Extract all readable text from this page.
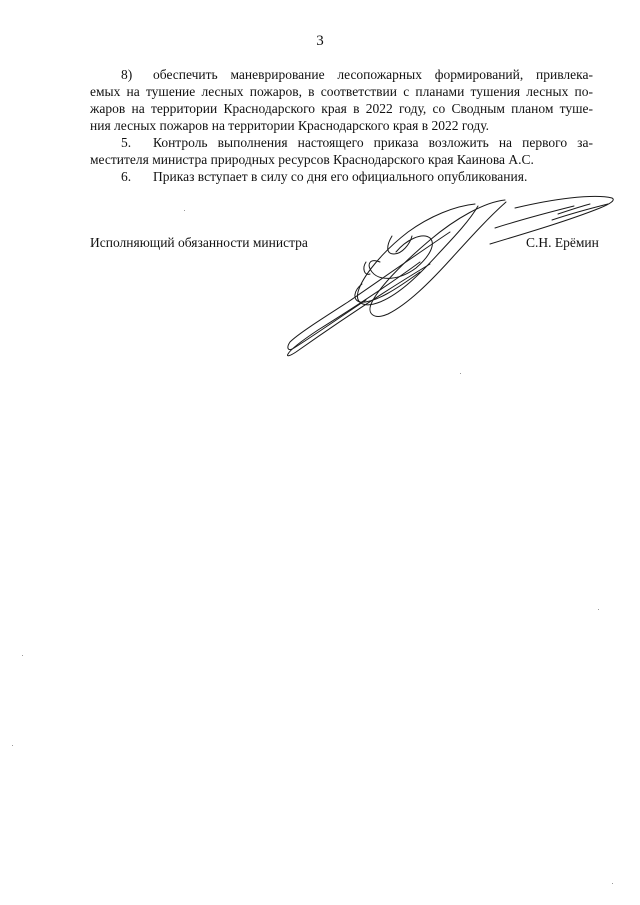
3
8) обеспечить маневрирование лесопожарных формирований, привлека-
емых на тушение лесных пожаров, в соответствии с планами тушения лесных по-
жаров на территории Краснодарского края в 2022 году, со Сводным планом туше-
ния лесных пожаров на территории Краснодарского края в 2022 году.
5. Контроль выполнения настоящего приказа возложить на первого за-
местителя министра природных ресурсов Краснодарского края Каинова А.С.
6. Приказ вступает в силу со дня его официального опубликования.
Исполняющий обязанности министра	С.Н. Ерёмин
